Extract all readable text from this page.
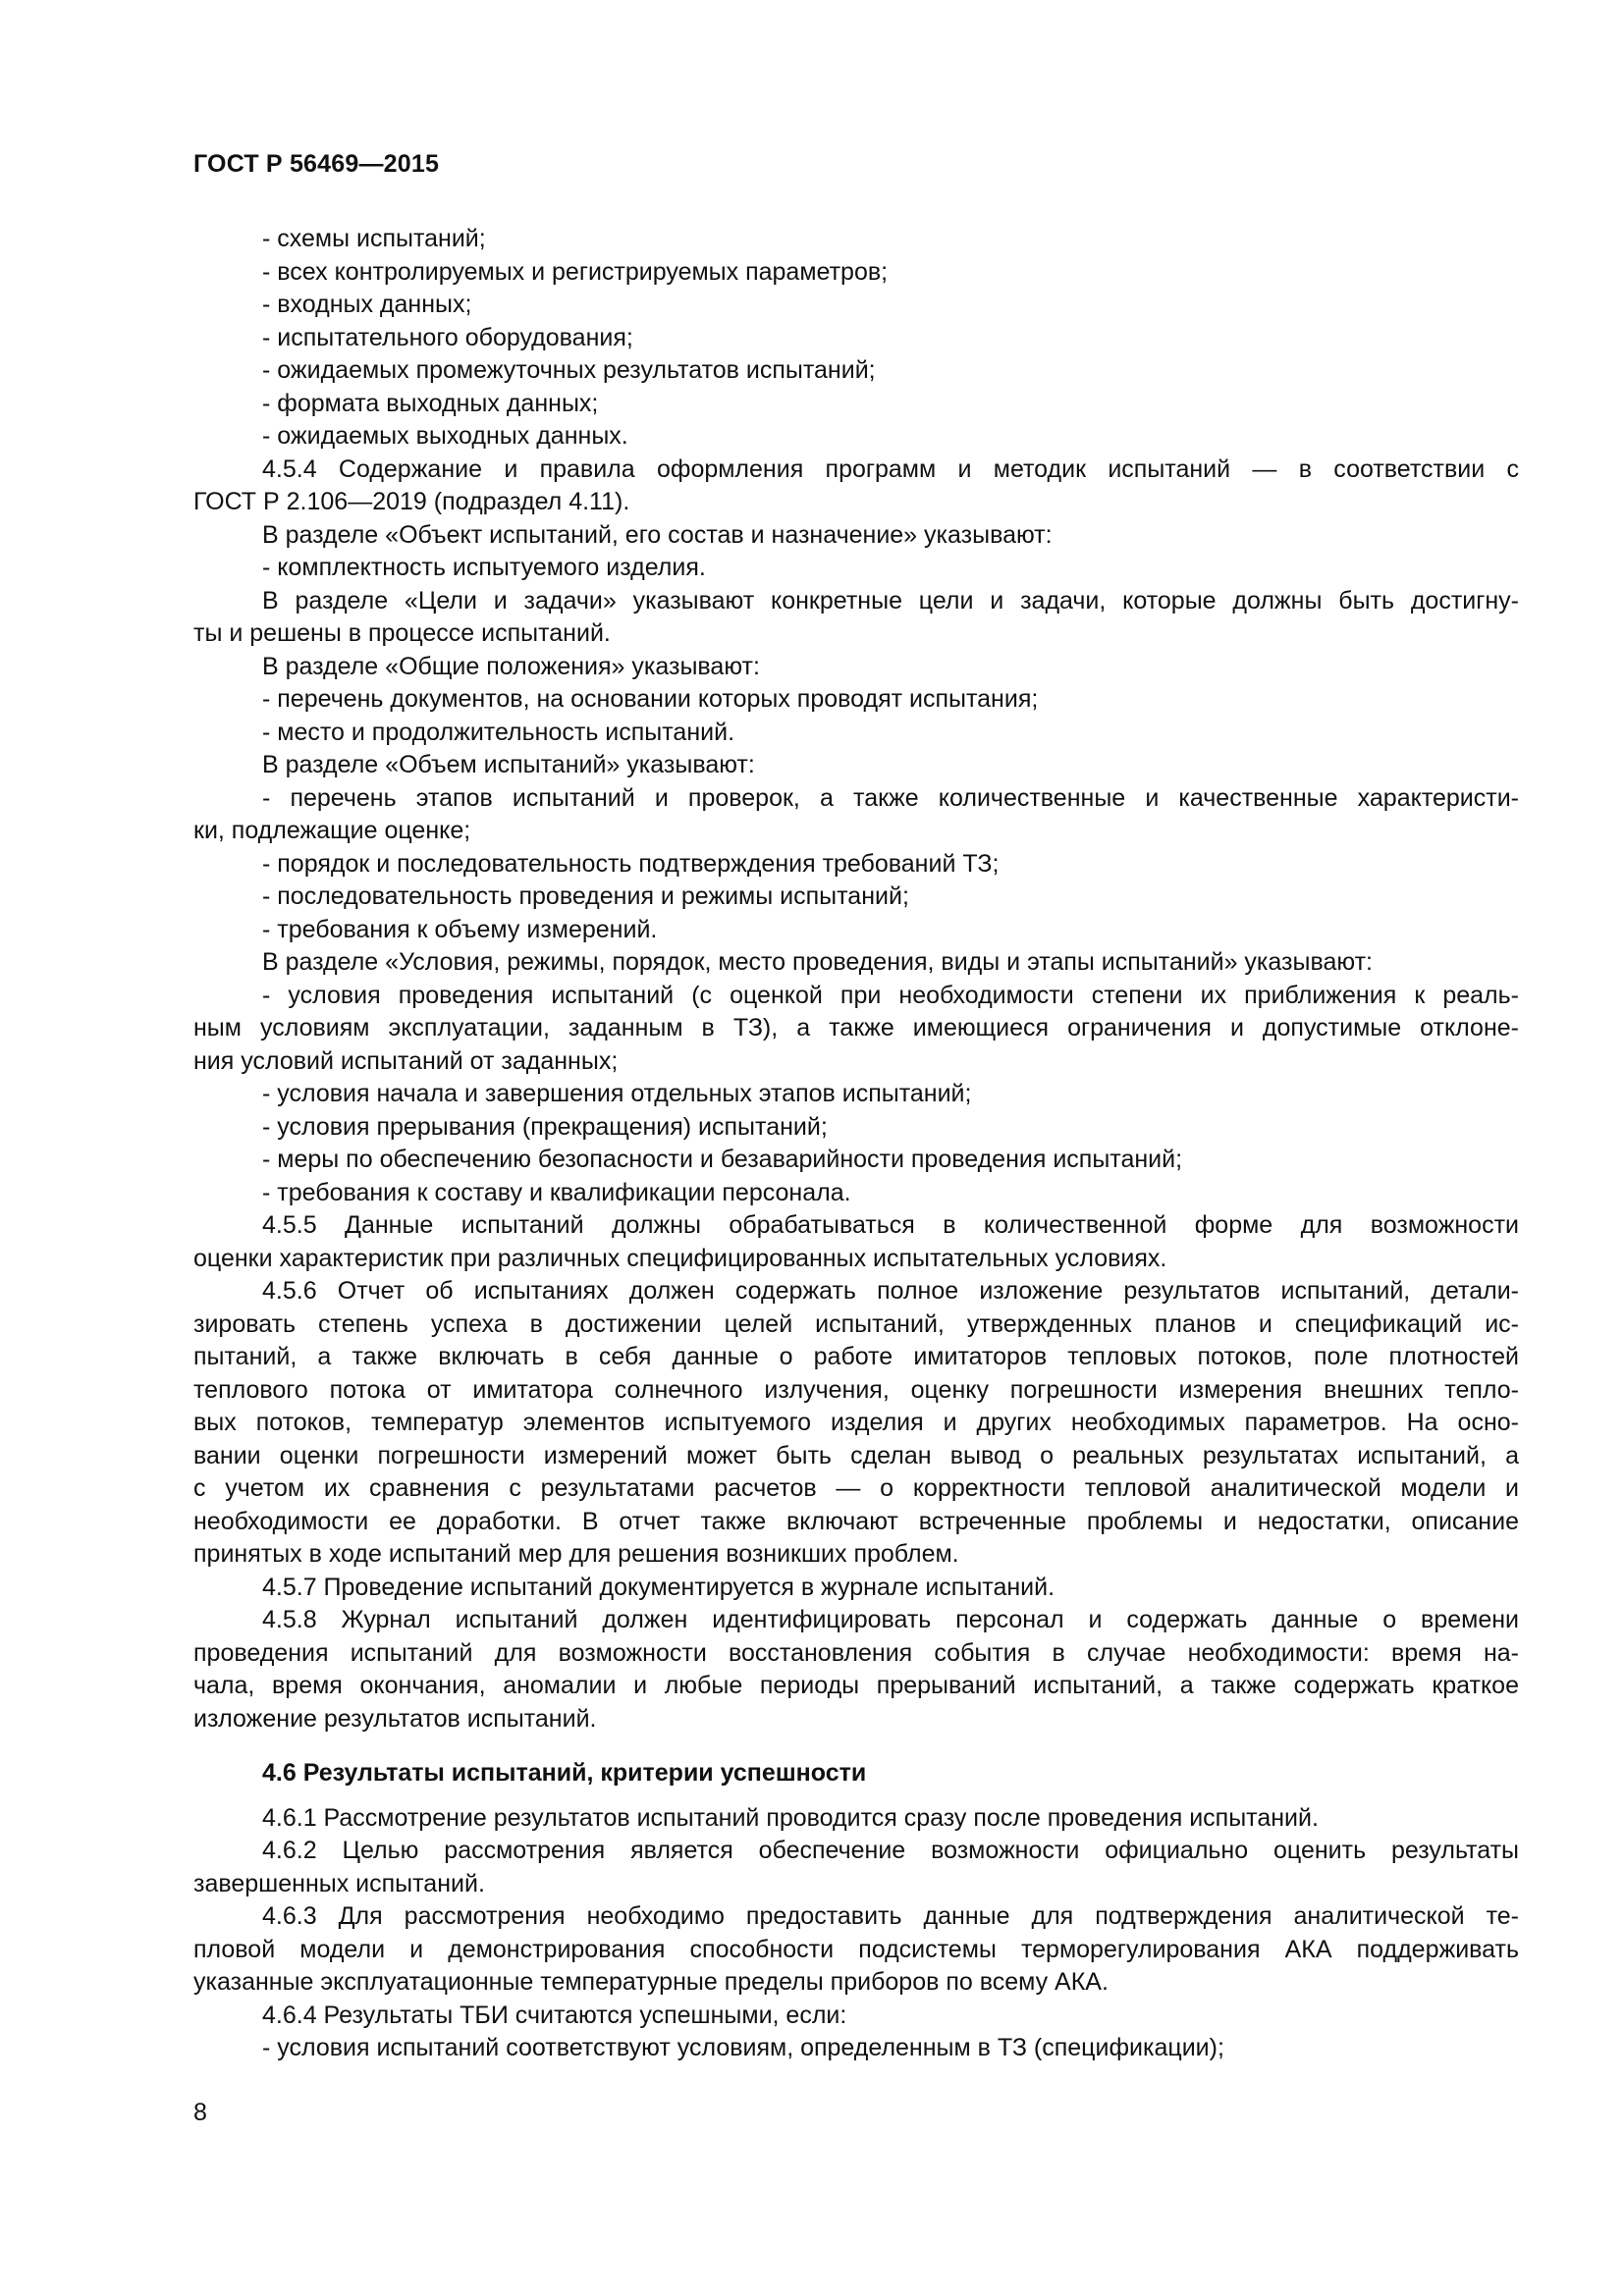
ГОСТ Р 56469—2015
- схемы испытаний;
- всех контролируемых и регистрируемых параметров;
- входных данных;
- испытательного оборудования;
- ожидаемых промежуточных результатов испытаний;
- формата выходных данных;
- ожидаемых выходных данных.
4.5.4 Содержание и правила оформления программ и методик испытаний — в соответствии с
ГОСТ Р 2.106—2019 (подраздел 4.11).
В разделе «Объект испытаний, его состав и назначение» указывают:
- комплектность испытуемого изделия.
В разделе «Цели и задачи» указывают конкретные цели и задачи, которые должны быть достигну-
ты и решены в процессе испытаний.
В разделе «Общие положения» указывают:
- перечень документов, на основании которых проводят испытания;
- место и продолжительность испытаний.
В разделе «Объем испытаний» указывают:
- перечень этапов испытаний и проверок, а также количественные и качественные характеристи-
ки, подлежащие оценке;
- порядок и последовательность подтверждения требований ТЗ;
- последовательность проведения и режимы испытаний;
- требования к объему измерений.
В разделе «Условия, режимы, порядок, место проведения, виды и этапы испытаний» указывают:
- условия проведения испытаний (с оценкой при необходимости степени их приближения к реаль-
ным условиям эксплуатации, заданным в ТЗ), а также имеющиеся ограничения и допустимые отклоне-
ния условий испытаний от заданных;
- условия начала и завершения отдельных этапов испытаний;
- условия прерывания (прекращения) испытаний;
- меры по обеспечению безопасности и безаварийности проведения испытаний;
- требования к составу и квалификации персонала.
4.5.5 Данные испытаний должны обрабатываться в количественной форме для возможности
оценки характеристик при различных специфицированных испытательных условиях.
4.5.6 Отчет об испытаниях должен содержать полное изложение результатов испытаний, детали-
зировать степень успеха в достижении целей испытаний, утвержденных планов и спецификаций ис-
пытаний, а также включать в себя данные о работе имитаторов тепловых потоков, поле плотностей
теплового потока от имитатора солнечного излучения, оценку погрешности измерения внешних тепло-
вых потоков, температур элементов испытуемого изделия и других необходимых параметров. На осно-
вании оценки погрешности измерений может быть сделан вывод о реальных результатах испытаний, а
с учетом их сравнения с результатами расчетов — о корректности тепловой аналитической модели и
необходимости ее доработки. В отчет также включают встреченные проблемы и недостатки, описание
принятых в ходе испытаний мер для решения возникших проблем.
4.5.7 Проведение испытаний документируется в журнале испытаний.
4.5.8 Журнал испытаний должен идентифицировать персонал и содержать данные о времени
проведения испытаний для возможности восстановления события в случае необходимости: время на-
чала, время окончания, аномалии и любые периоды прерываний испытаний, а также содержать краткое
изложение результатов испытаний.
4.6 Результаты испытаний, критерии успешности
4.6.1 Рассмотрение результатов испытаний проводится сразу после проведения испытаний.
4.6.2 Целью рассмотрения является обеспечение возможности официально оценить результаты
завершенных испытаний.
4.6.3 Для рассмотрения необходимо предоставить данные для подтверждения аналитической те-
пловой модели и демонстрирования способности подсистемы терморегулирования АКА поддерживать
указанные эксплуатационные температурные пределы приборов по всему АКА.
4.6.4 Результаты ТБИ считаются успешными, если:
- условия испытаний соответствуют условиям, определенным в ТЗ (спецификации);
8
